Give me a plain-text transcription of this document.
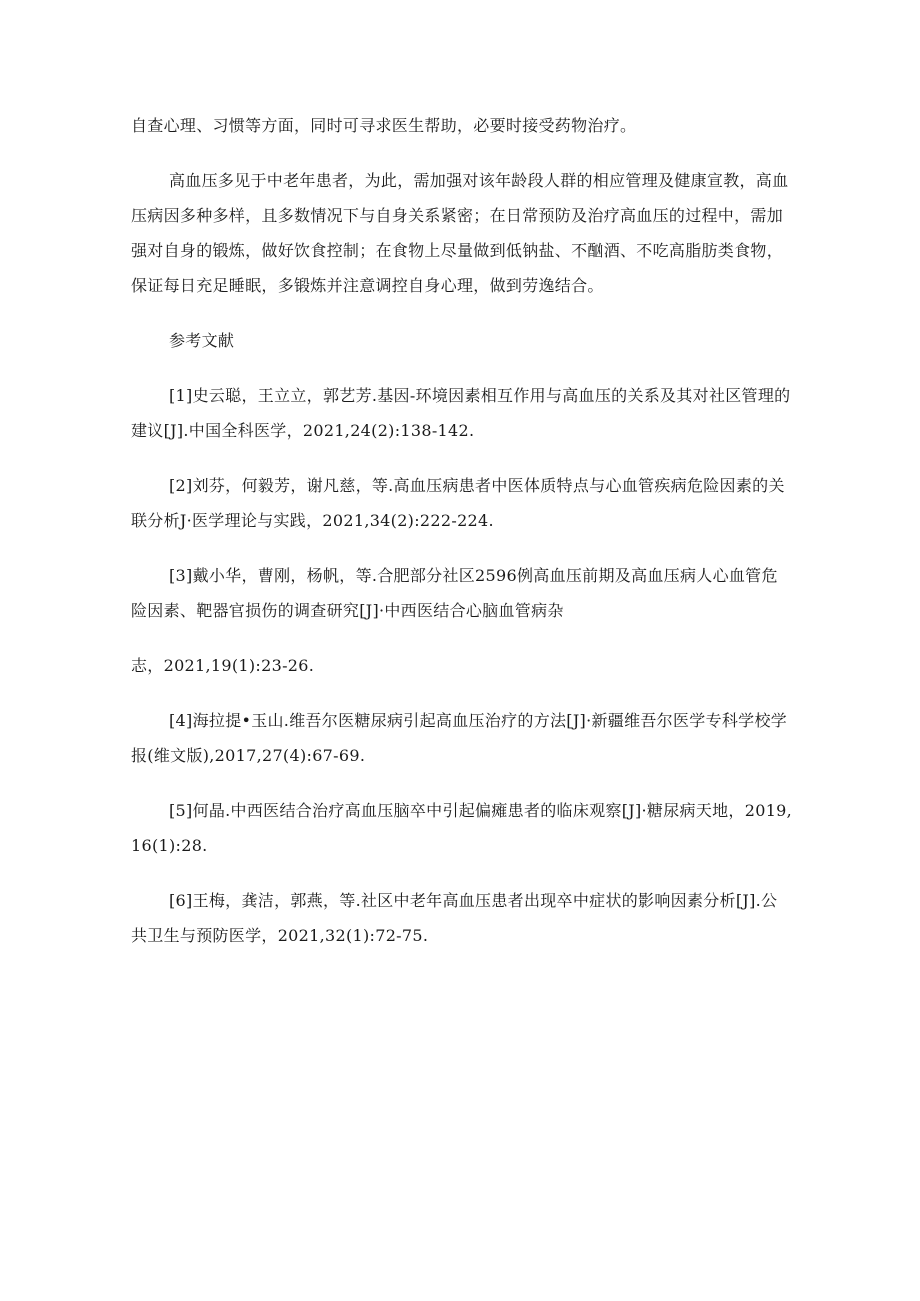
自查心理、习惯等方面，同时可寻求医生帮助，必要时接受药物治疗。

高血压多见于中老年患者，为此，需加强对该年龄段人群的相应管理及健康宣教，高血压病因多种多样，且多数情况下与自身关系紧密；在日常预防及治疗高血压的过程中，需加强对自身的锻炼，做好饮食控制；在食物上尽量做到低钠盐、不酗酒、不吃高脂肪类食物，保证每日充足睡眠，多锻炼并注意调控自身心理，做到劳逸结合。

参考文献

[1]史云聪，王立立，郭艺芳.基因-环境因素相互作用与高血压的关系及其对社区管理的建议[J].中国全科医学，2021,24(2):138-142.

[2]刘芬，何毅芳，谢凡慈，等.高血压病患者中医体质特点与心血管疾病危险因素的关联分析J·医学理论与实践，2021,34(2):222-224.

[3]戴小华，曹刚，杨帆，等.合肥部分社区2596例高血压前期及高血压病人心血管危险因素、靶器官损伤的调查研究[J]·中西医结合心脑血管病杂

志，2021,19(1):23-26.

[4]海拉提•玉山.维吾尔医糖尿病引起高血压治疗的方法[J]·新疆维吾尔医学专科学校学报(维文版),2017,27(4):67-69.

[5]何晶.中西医结合治疗高血压脑卒中引起偏瘫患者的临床观察[J]·糖尿病天地，2019,16(1):28.

[6]王梅，龚洁，郭燕，等.社区中老年高血压患者出现卒中症状的影响因素分析[J].公共卫生与预防医学，2021,32(1):72-75.
